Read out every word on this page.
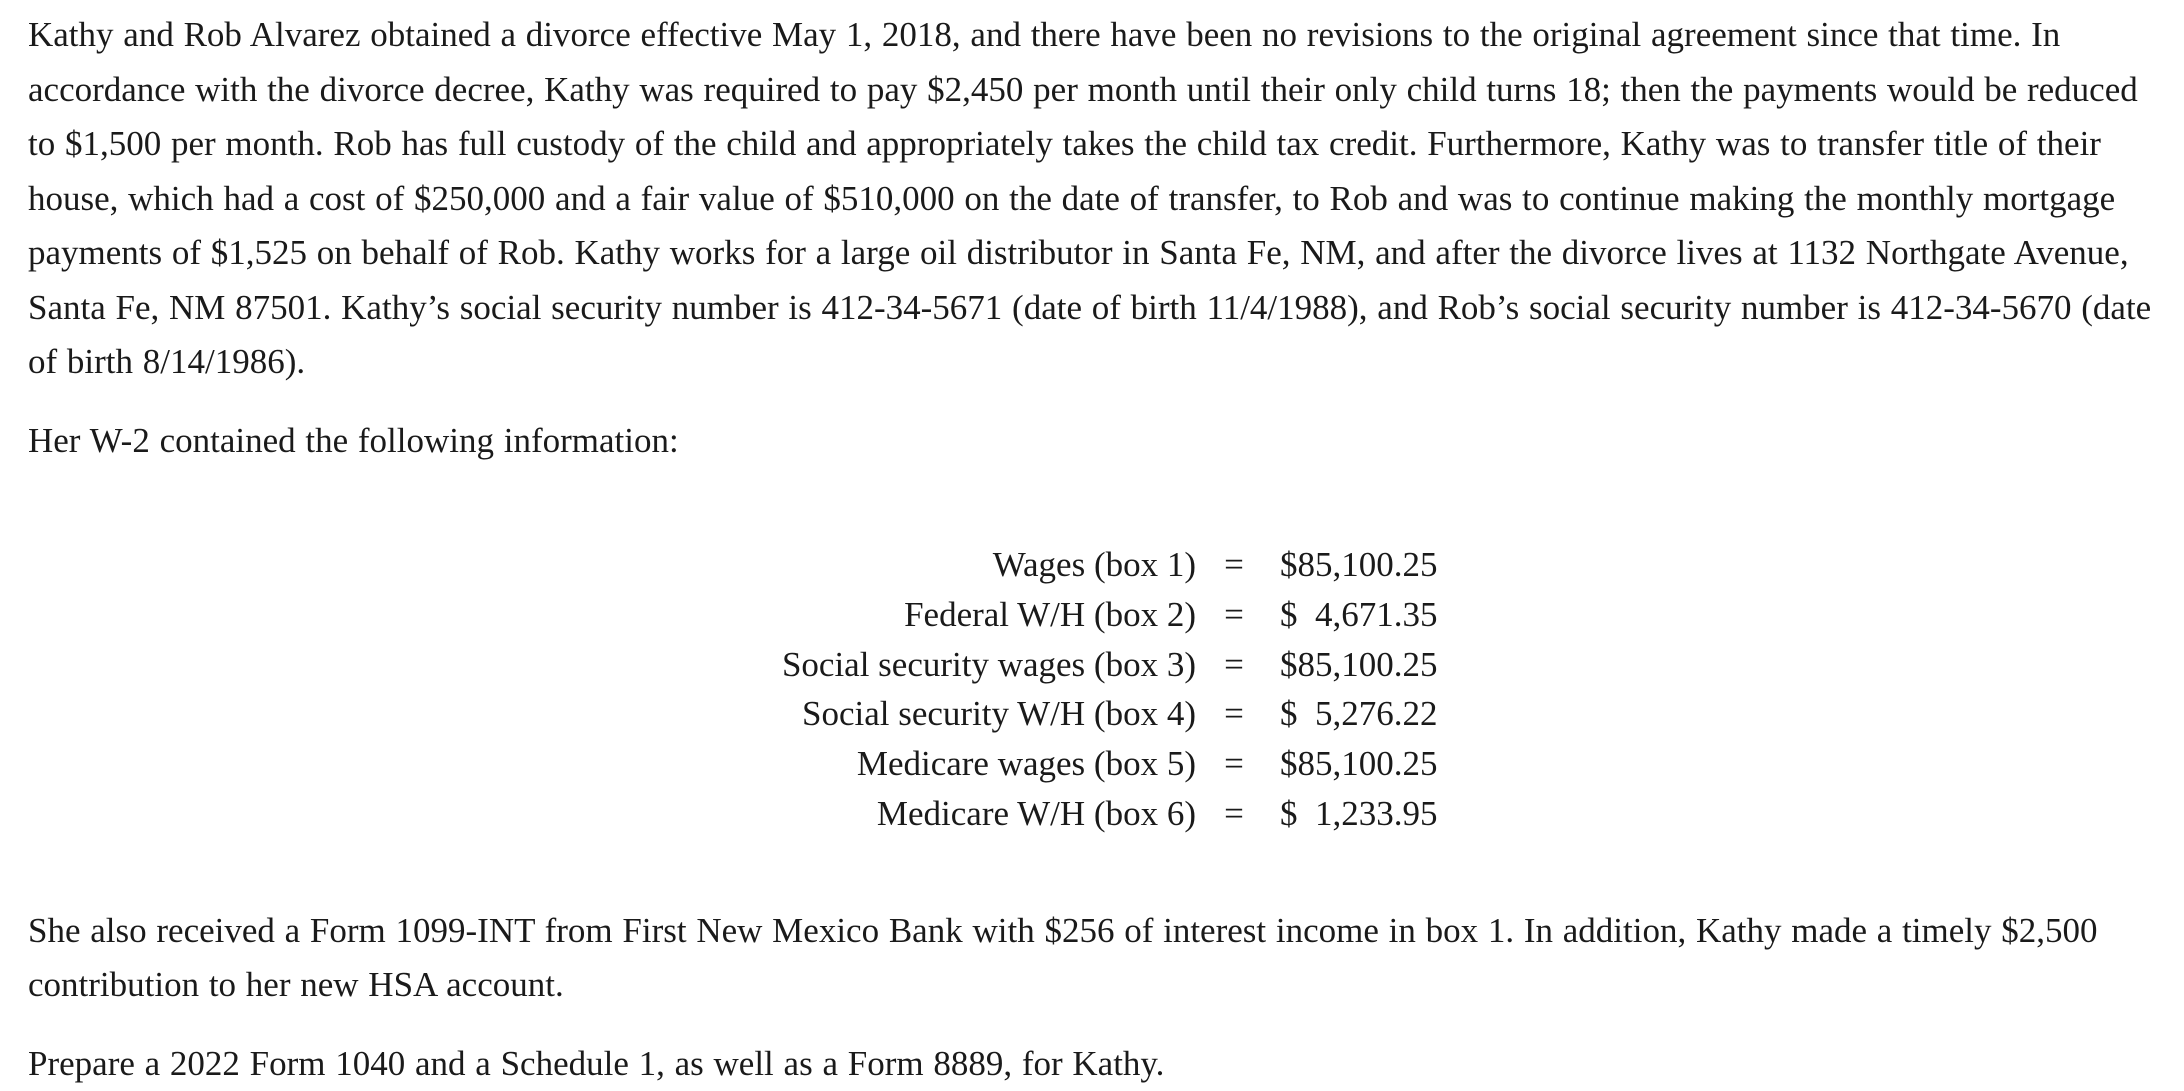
Kathy and Rob Alvarez obtained a divorce effective May 1, 2018, and there have been no revisions to the original agreement since that time. In accordance with the divorce decree, Kathy was required to pay $2,450 per month until their only child turns 18; then the payments would be reduced to $1,500 per month. Rob has full custody of the child and appropriately takes the child tax credit. Furthermore, Kathy was to transfer title of their house, which had a cost of $250,000 and a fair value of $510,000 on the date of transfer, to Rob and was to continue making the monthly mortgage payments of $1,525 on behalf of Rob. Kathy works for a large oil distributor in Santa Fe, NM, and after the divorce lives at 1132 Northgate Avenue, Santa Fe, NM 87501. Kathy’s social security number is 412-34-5671 (date of birth 11/4/1988), and Rob’s social security number is 412-34-5670 (date of birth 8/14/1986).

Her W-2 contained the following information:

Wages (box 1)	=	$85,100.25
Federal W/H (box 2)	=	$  4,671.35
Social security wages (box 3)	=	$85,100.25
Social security W/H (box 4)	=	$  5,276.22
Medicare wages (box 5)	=	$85,100.25
Medicare W/H (box 6)	=	$  1,233.95

She also received a Form 1099-INT from First New Mexico Bank with $256 of interest income in box 1. In addition, Kathy made a timely $2,500 contribution to her new HSA account.

Prepare a 2022 Form 1040 and a Schedule 1, as well as a Form 8889, for Kathy.
